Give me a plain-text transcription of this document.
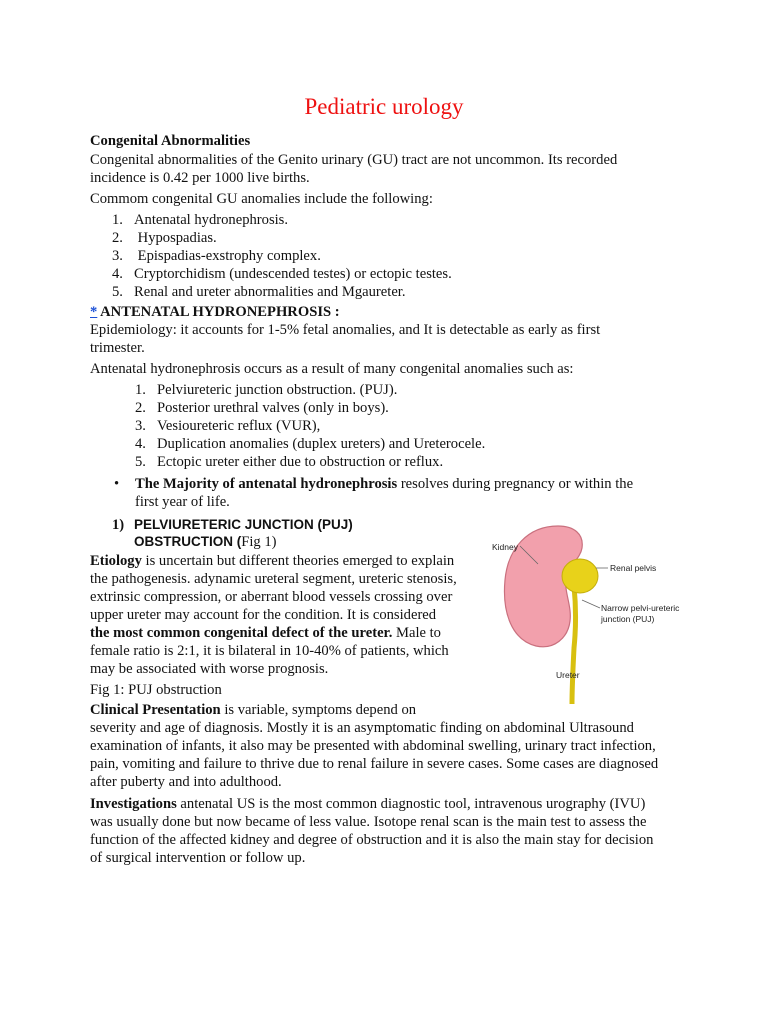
Pediatric urology
Congenital Abnormalities
Congenital abnormalities of the Genito urinary (GU) tract are not uncommon. Its recorded
incidence is 0.42 per 1000 live births.
Commom congenital GU anomalies include the following:
1. Antenatal hydronephrosis.
2. Hypospadias.
3. Epispadias-exstrophy complex.
4. Cryptorchidism (undescended testes) or ectopic testes.
5. Renal and ureter abnormalities and Mgaureter.
* ANTENATAL HYDRONEPHROSIS :
Epidemiology: it accounts for 1-5% fetal anomalies, and It is detectable as early as first
trimester.
Antenatal hydronephrosis occurs as a result of many congenital anomalies such as:
1. Pelviureteric junction obstruction. (PUJ).
2. Posterior urethral valves (only in boys).
3. Vesioureteric reflux (VUR),
4. Duplication anomalies (duplex ureters) and Ureterocele.
5. Ectopic ureter either due to obstruction or reflux.
• The Majority of antenatal hydronephrosis resolves during pregnancy or within the
first year of life.
1) PELVIURETERIC JUNCTION (PUJ)
OBSTRUCTION (Fig 1)
Etiology is uncertain but different theories emerged to explain
the pathogenesis. adynamic ureteral segment, ureteric stenosis,
extrinsic compression, or aberrant blood vessels crossing over
upper ureter may account for the condition. It is considered
the most common congenital defect of the ureter. Male to
female ratio is 2:1, it is bilateral in 10-40% of patients, which
may be associated with worse prognosis.
Fig 1: PUJ obstruction
Clinical Presentation is variable, symptoms depend on
severity and age of diagnosis. Mostly it is an asymptomatic finding on abdominal Ultrasound
examination of infants, it also may be presented with abdominal swelling, urinary tract infection,
pain, vomiting and failure to thrive due to renal failure in severe cases. Some cases are diagnosed
after puberty and into adulthood.
Investigations antenatal US is the most common diagnostic tool, intravenous urography (IVU)
was usually done but now became of less value. Isotope renal scan is the main test to assess the
function of the affected kidney and degree of obstruction and it is also the main stay for decision
of surgical intervention or follow up.
Kidney
Renal pelvis
Narrow pelvi-ureteric
junction (PUJ)
Ureter
